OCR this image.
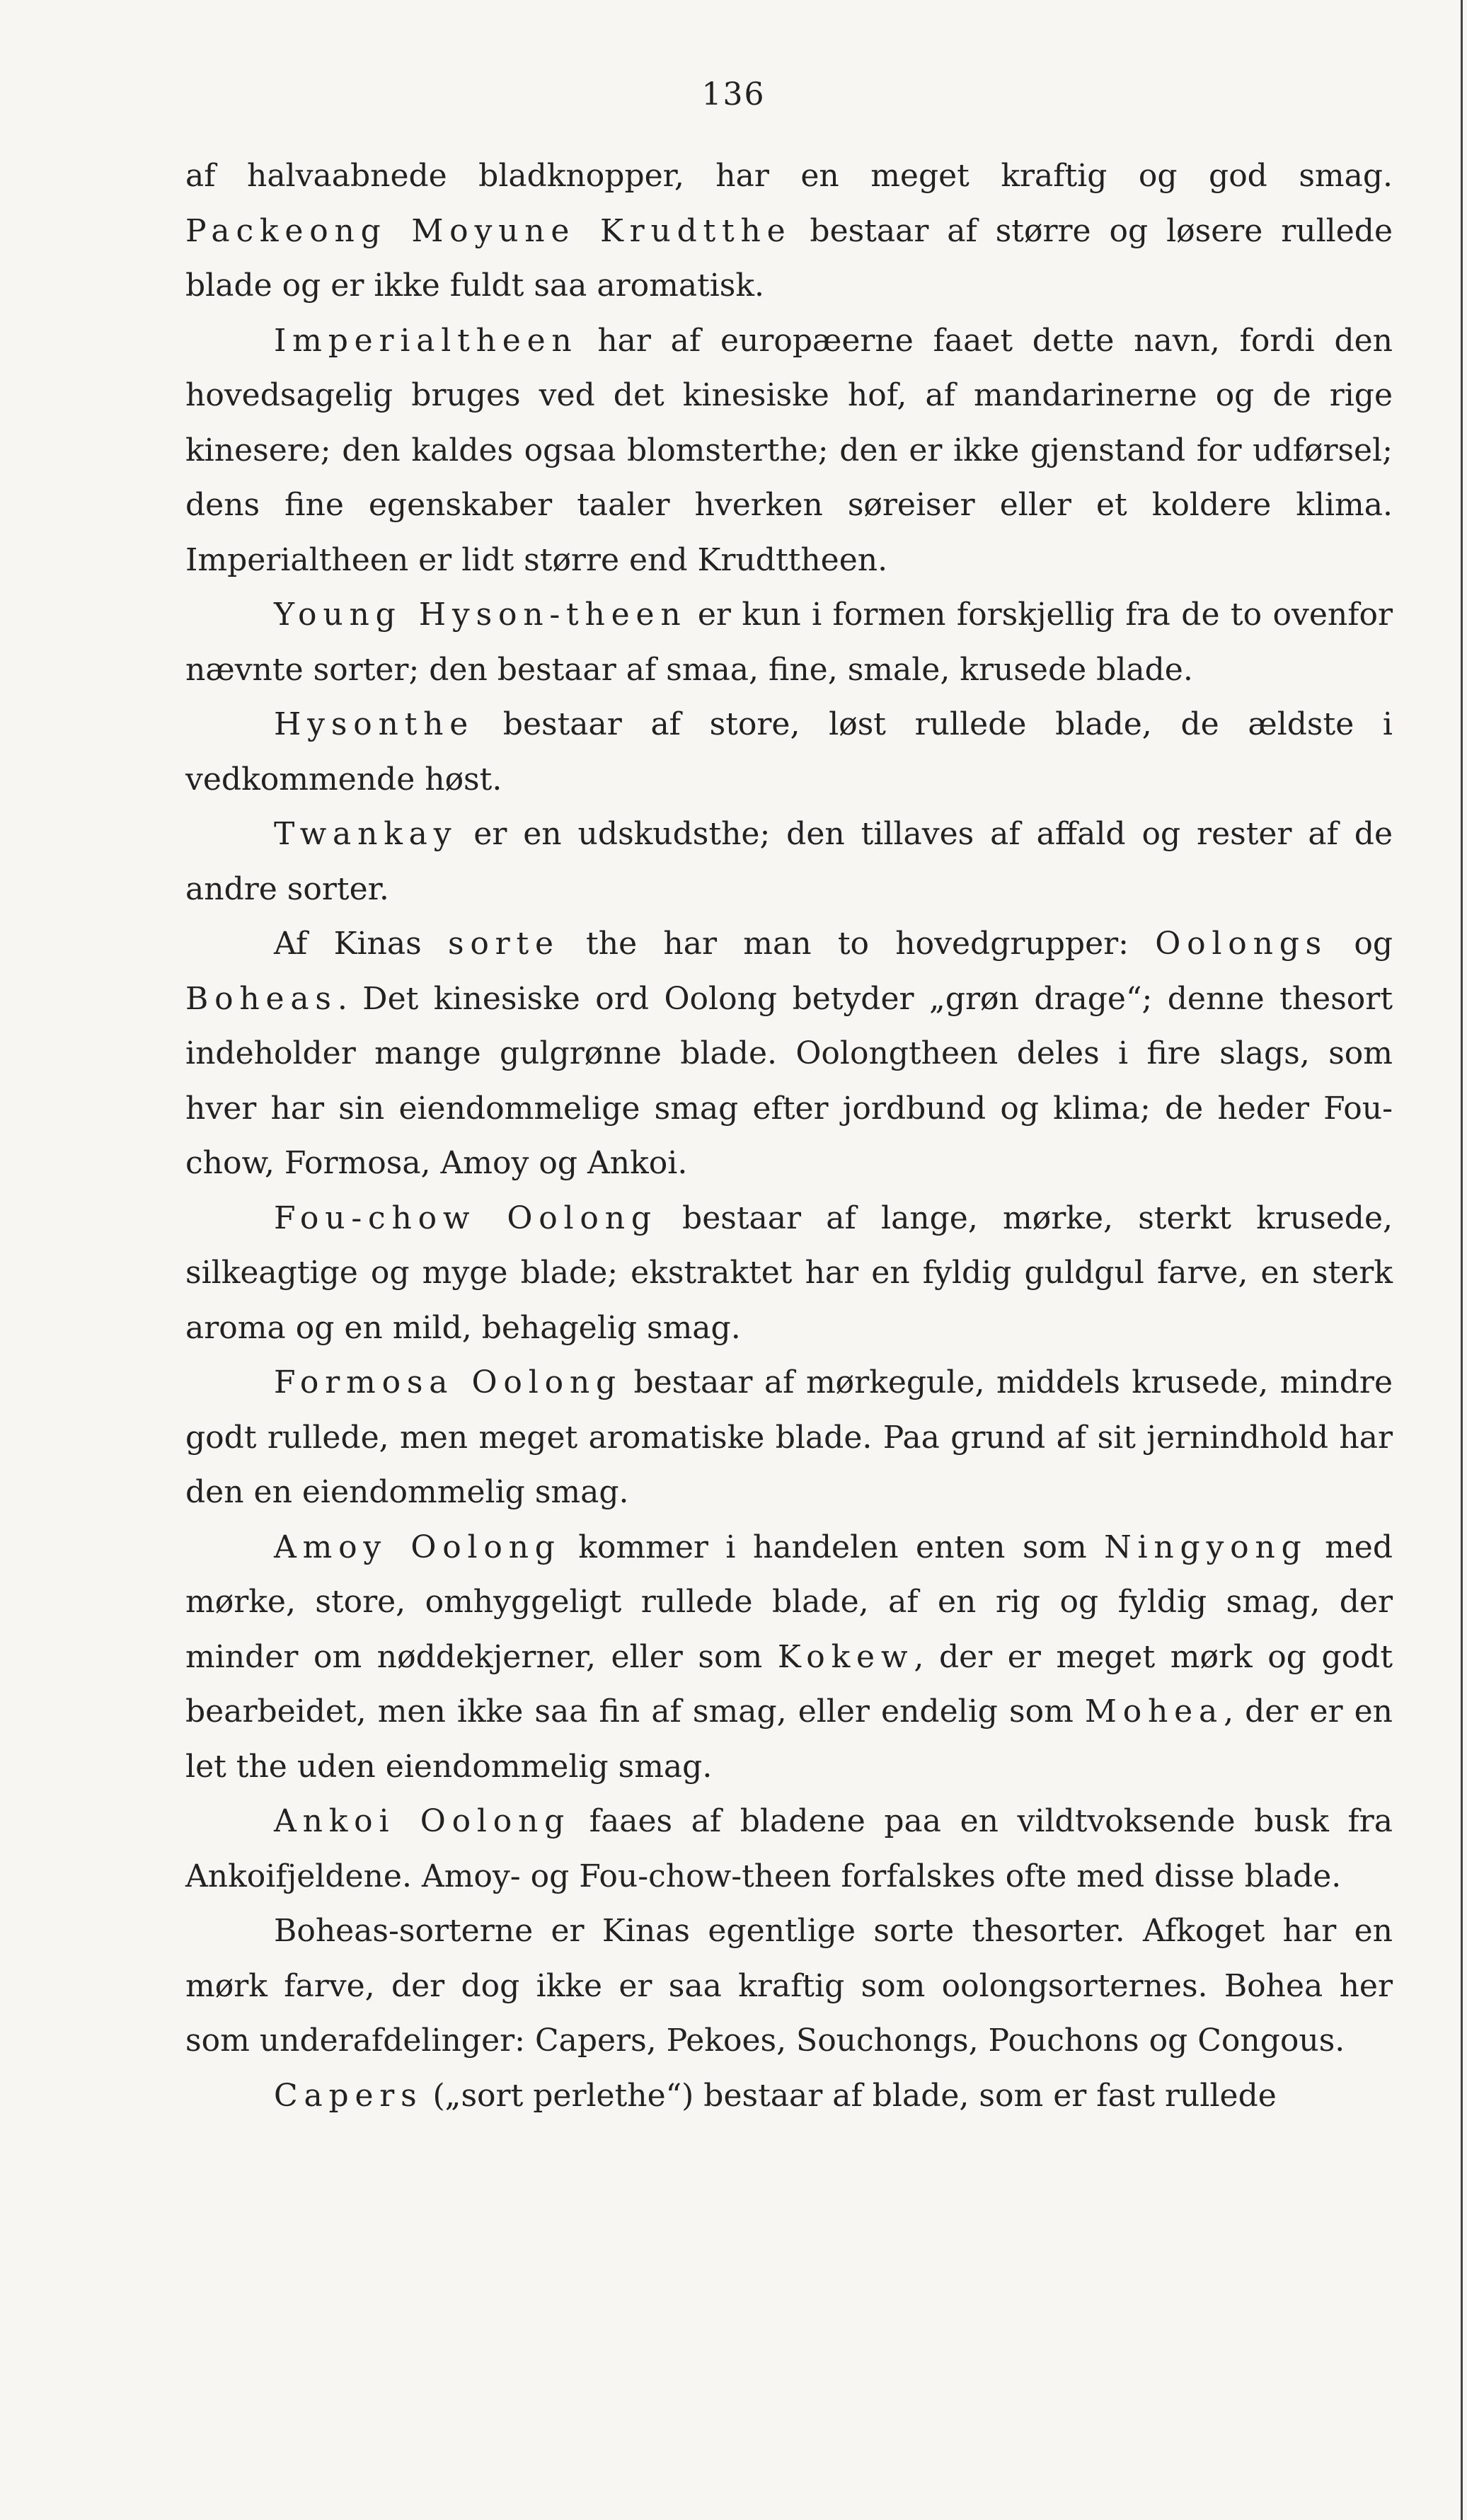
136

af halvaabnede bladknopper, har en meget kraftig og god smag. Packeong Moyune Krudtthe bestaar af større og løsere rullede blade og er ikke fuldt saa aromatisk.

Imperialtheen har af europæerne faaet dette navn, fordi den hovedsagelig bruges ved det kinesiske hof, af mandarinerne og de rige kinesere; den kaldes ogsaa blomsterthe; den er ikke gjenstand for udførsel; dens fine egenskaber taaler hverken søreiser eller et koldere klima. Imperialtheen er lidt større end Krudttheen.

Young Hyson-theen er kun i formen forskjellig fra de to ovenfor nævnte sorter; den bestaar af smaa, fine, smale, krusede blade.

Hysonthe bestaar af store, løst rullede blade, de ældste i vedkommende høst.

Twankay er en udskudsthe; den tillaves af affald og rester af de andre sorter.

Af Kinas sorte the har man to hovedgrupper: Oolongs og Boheas. Det kinesiske ord Oolong betyder „grøn drage“; denne thesort indeholder mange gulgrønne blade. Oolongtheen deles i fire slags, som hver har sin eiendommelige smag efter jordbund og klima; de heder Fou-chow, Formosa, Amoy og Ankoi.

Fou-chow Oolong bestaar af lange, mørke, sterkt krusede, silkeagtige og myge blade; ekstraktet har en fyldig guldgul farve, en sterk aroma og en mild, behagelig smag.

Formosa Oolong bestaar af mørkegule, middels krusede, mindre godt rullede, men meget aromatiske blade. Paa grund af sit jernindhold har den en eiendommelig smag.

Amoy Oolong kommer i handelen enten som Ningyong med mørke, store, omhyggeligt rullede blade, af en rig og fyldig smag, der minder om nøddekjerner, eller som Kokew, der er meget mørk og godt bearbeidet, men ikke saa fin af smag, eller endelig som Mohea, der er en let the uden eiendommelig smag.

Ankoi Oolong faaes af bladene paa en vildtvoksende busk fra Ankoifjeldene. Amoy- og Fou-chow-theen forfalskes ofte med disse blade.

Boheas-sorterne er Kinas egentlige sorte thesorter. Afkoget har en mørk farve, der dog ikke er saa kraftig som oolongsorternes. Bohea her som underafdelinger: Capers, Pekoes, Souchongs, Pouchons og Congous.

Capers („sort perlethe“) bestaar af blade, som er fast rullede
